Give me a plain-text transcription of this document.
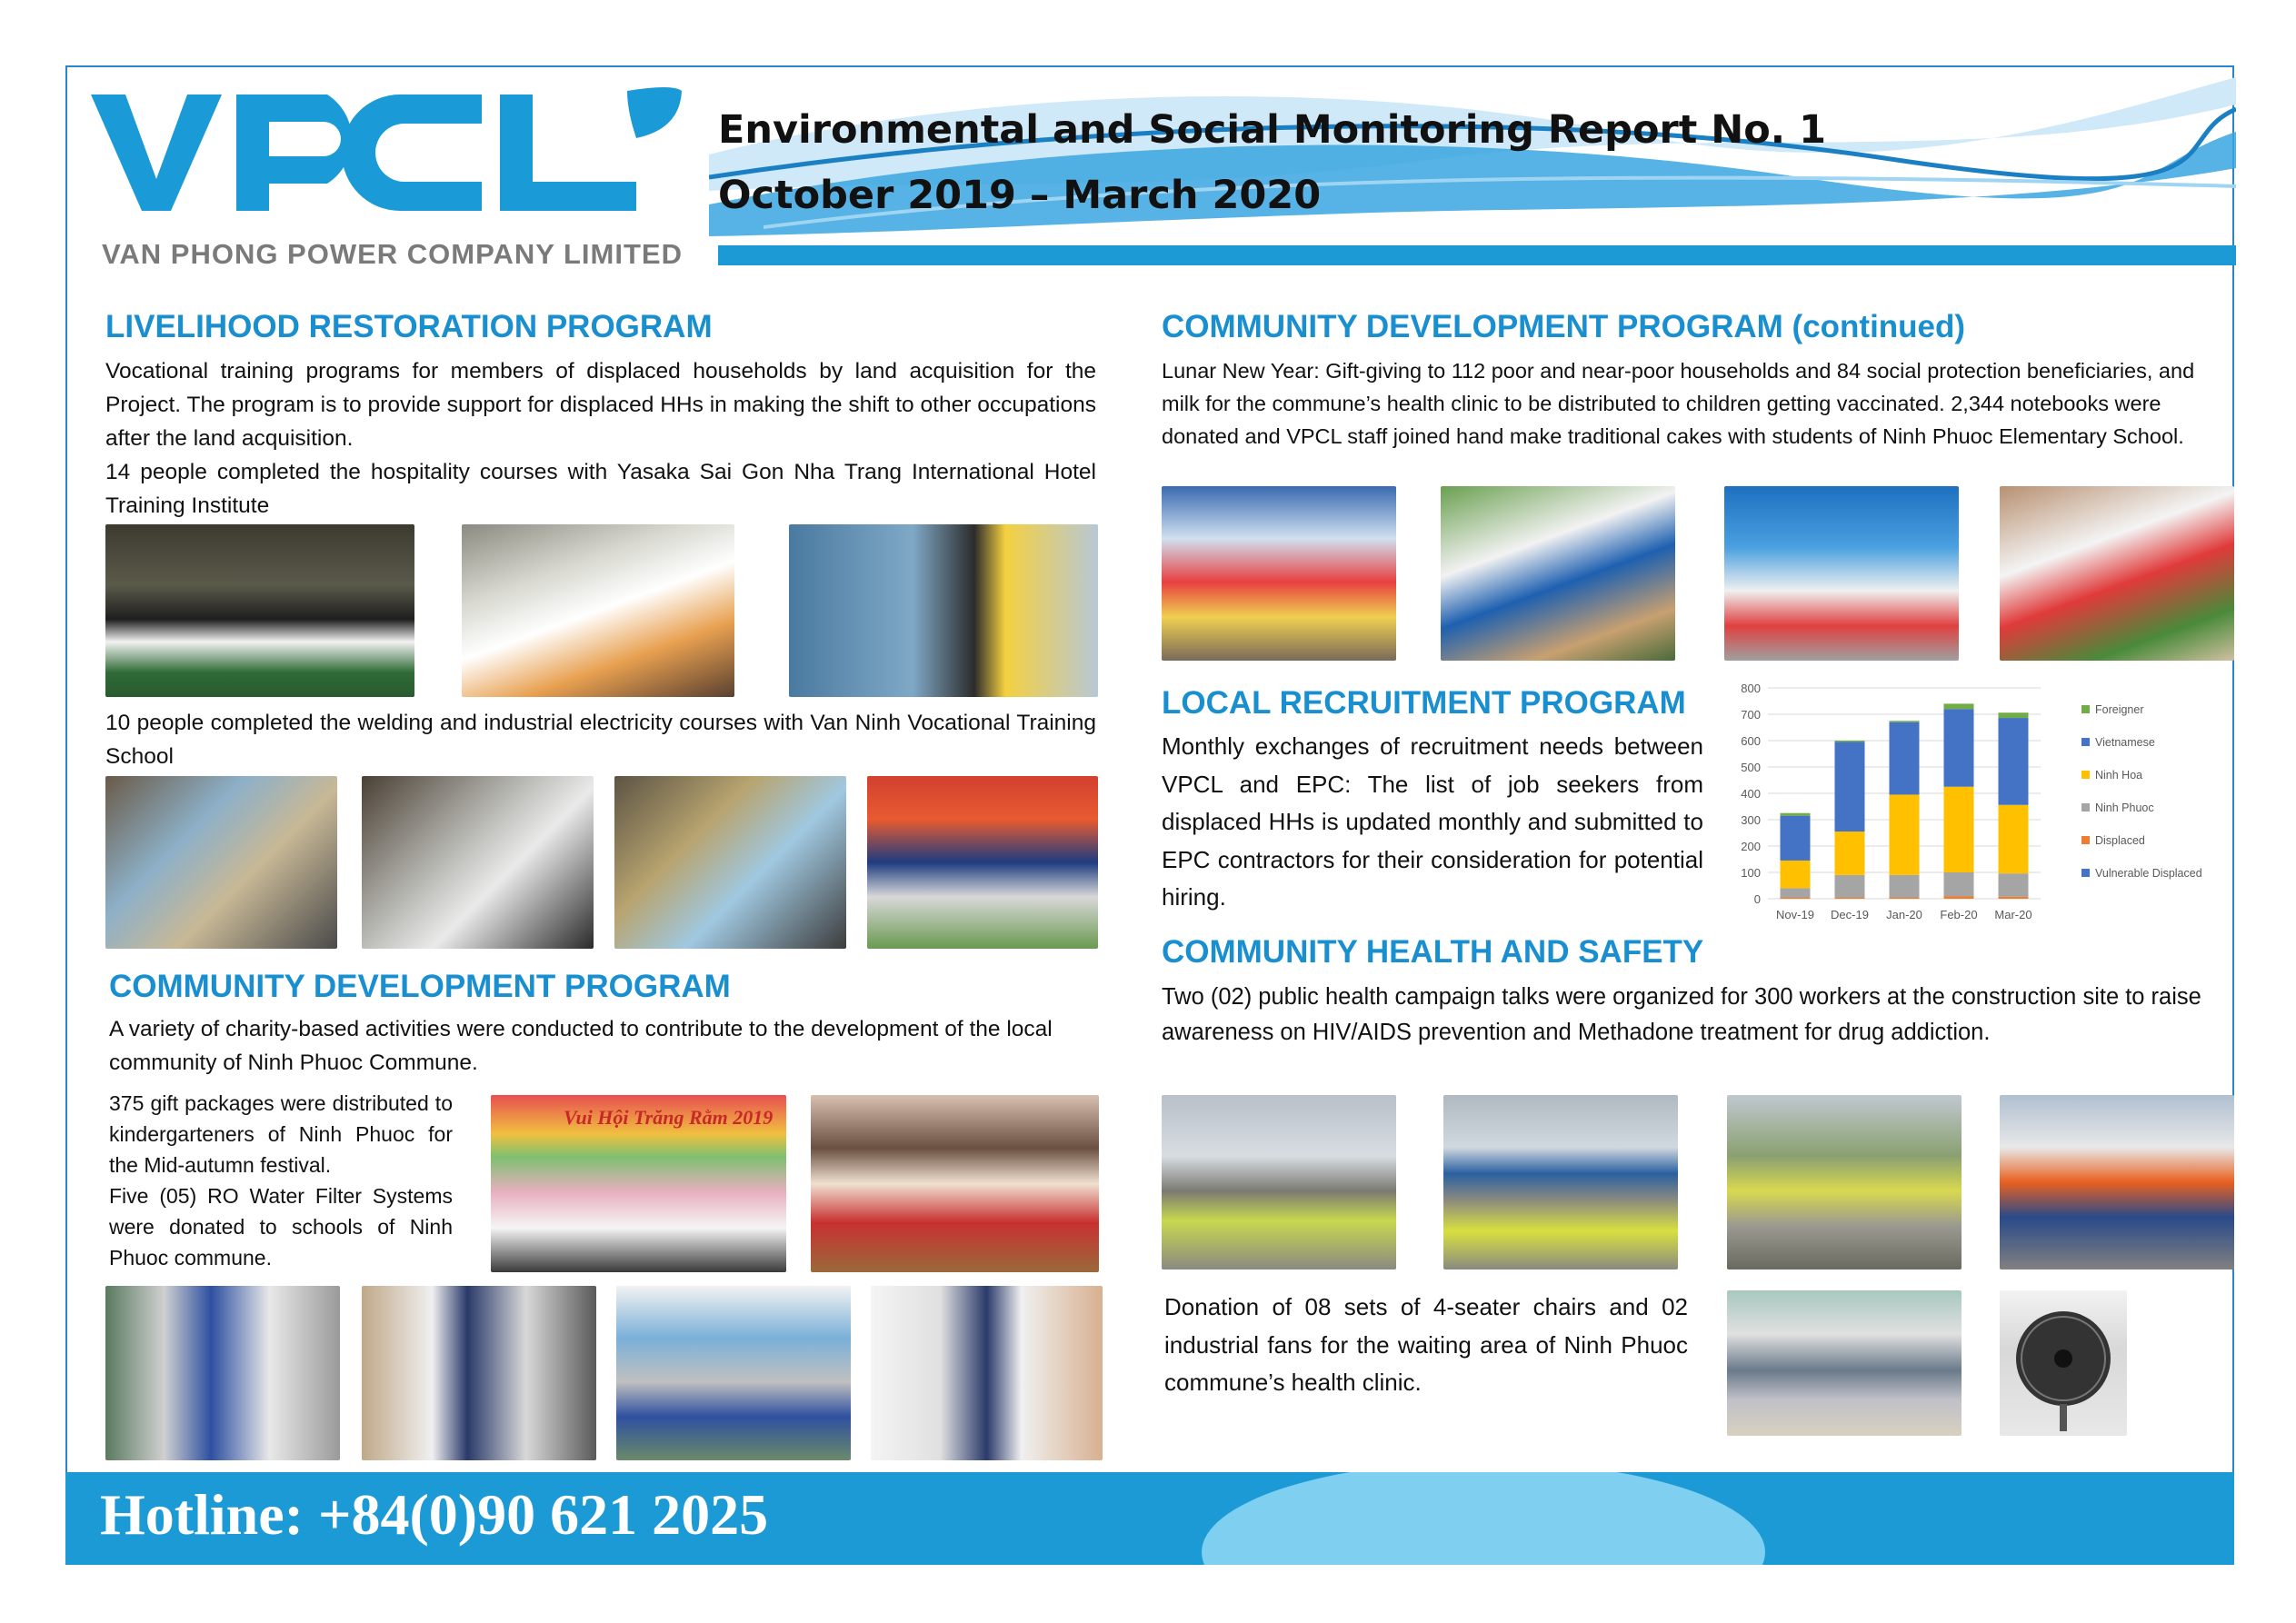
VAN PHONG POWER COMPANY LIMITED
Environmental and Social Monitoring Report No. 1
October 2019 – March 2020
LIVELIHOOD RESTORATION PROGRAM

Vocational training programs for members of displaced households by land acquisition for the Project. The program is to provide support for displaced HHs in making the shift to other occupations after the land acquisition.

14 people completed the hospitality courses with Yasaka Sai Gon Nha Trang International Hotel Training Institute

10 people completed the welding and industrial electricity courses with Van Ninh Vocational Training School

COMMUNITY DEVELOPMENT PROGRAM

A variety of charity-based activities were conducted to contribute to the development of the local community of Ninh Phuoc Commune.

375 gift packages were distributed to kindergarteners of Ninh Phuoc for the Mid-autumn festival.

Five (05) RO Water Filter Systems were donated to schools of Ninh Phuoc commune.

Vui Hội Trăng Rằm 2019
COMMUNITY DEVELOPMENT PROGRAM (continued)

Lunar New Year: Gift-giving to 112 poor and near-poor households and 84 social protection beneficiaries, and milk for the commune’s health clinic to be distributed to children getting vaccinated. 2,344 notebooks were donated and VPCL staff joined hand make traditional cakes with students of Ninh Phuoc Elementary School.

LOCAL RECRUITMENT PROGRAM

Monthly exchanges of recruitment needs between VPCL and EPC: The list of job seekers from displaced HHs is updated monthly and submitted to EPC contractors for their consideration for potential hiring.	0
100
200
300
400
500
600
700
800
Nov-19 Dec-19 Jan-20 Feb-20 Mar-20
Foreigner
Vietnamese
Ninh Hoa
Ninh Phuoc
Displaced
Vulnerable Displaced
COMMUNITY HEALTH AND SAFETY

Two (02) public health campaign talks were organized for 300 workers at the construction site to raise awareness on HIV/AIDS prevention and Methadone treatment for drug addiction.

Donation of 08 sets of 4-seater chairs and 02 industrial fans for the waiting area of Ninh Phuoc commune’s health clinic.

Hotline: +84(0)90 621 2025
